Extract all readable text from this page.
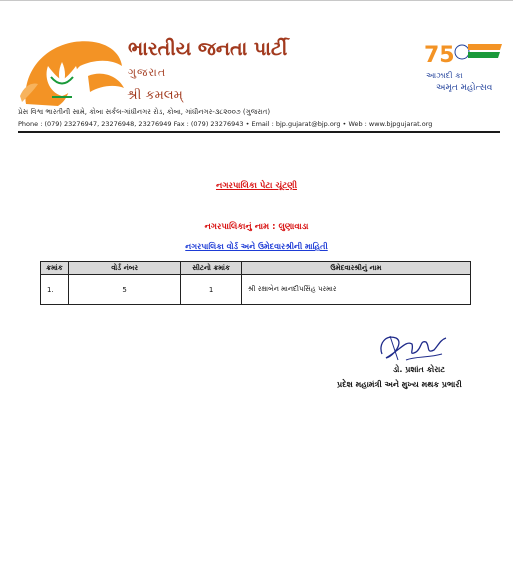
ભારતીય જનતા પાર્ટી
ગુજરાત
શ્રી કમલમ્
75
આઝાદી કા
અમૃત મહોત્સવ
પ્રેસ વિશ્વ ભારતીની સામે, કોબા સર્કલ-ગાંધીનગર રોડ, કોબા, ગાંધીનગર-૩૮૨૦૦૭ (ગુજરાત)
Phone : (079) 23276947, 23276948, 23276949 Fax : (079) 23276943 • Email : bjp.gujarat@bjp.org • Web : www.bjpgujarat.org
નગરપાલિકા પેટા ચૂંટણી
નગરપાલિકાનું નામ : લુણાવાડા
નગરપાલિકા વોર્ડ અને ઉમેદવારશ્રીની માહિતી
ક્રમાંક	વોર્ડ નંબર	સીટનો ક્રમાંક	ઉમેદવારશ્રીનું નામ
1.	5	1	શ્રી રક્ષાબેન માનદીપસિંહ પરમાર
ડો. પ્રશાંત કોરાટ
પ્રદેશ મહામંત્રી અને મુખ્ય મથક પ્રભારી
